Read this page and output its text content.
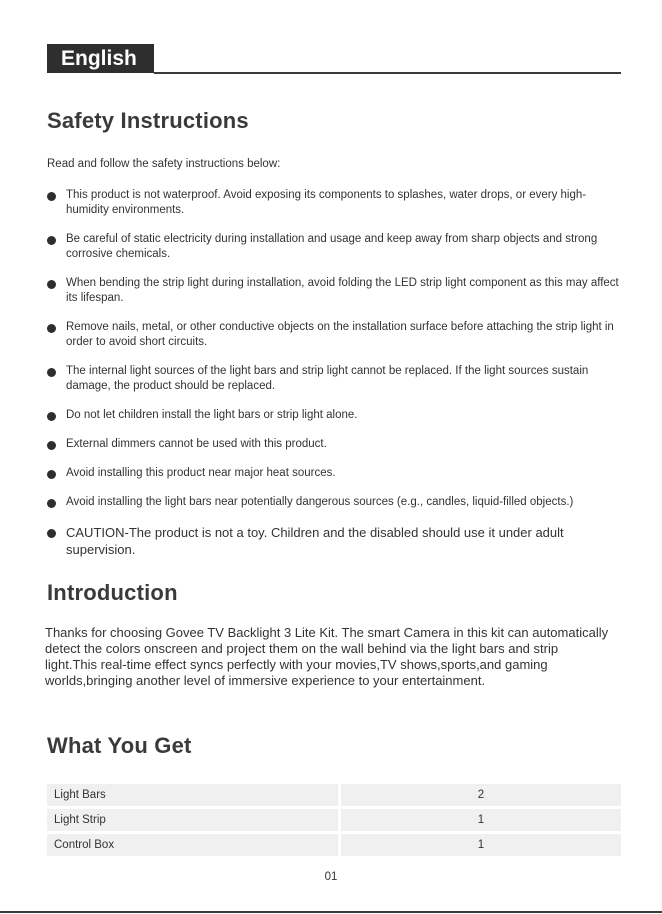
English
Safety Instructions
Read and follow the safety instructions below:
This product is not waterproof. Avoid exposing its components to splashes, water drops, or every high-humidity environments.
Be careful of static electricity during installation and usage and keep away from sharp objects and strong corrosive chemicals.
When bending the strip light during installation, avoid folding the LED strip light component as this may affect its lifespan.
Remove nails, metal, or other conductive objects on the installation surface before attaching the strip light in order to avoid short circuits.
The internal light sources of the light bars and strip light cannot be replaced. If the light sources sustain damage, the product should be replaced.
Do not let children install the light bars or strip light alone.
External dimmers cannot be used with this product.
Avoid installing this product near major heat sources.
Avoid installing the light bars near potentially dangerous sources (e.g., candles, liquid-filled objects.)
CAUTION-The product is not a toy. Children and the disabled should use it under adult supervision.
Introduction
Thanks for choosing Govee TV Backlight 3 Lite Kit. The smart Camera in this kit can automatically detect the colors onscreen and project them on the wall behind via the light bars and strip light.This real-time effect syncs perfectly with your movies,TV shows,sports,and gaming worlds,bringing another level of immersive experience to your entertainment.
What You Get
Light Bars	2
Light Strip	1
Control Box	1
01
